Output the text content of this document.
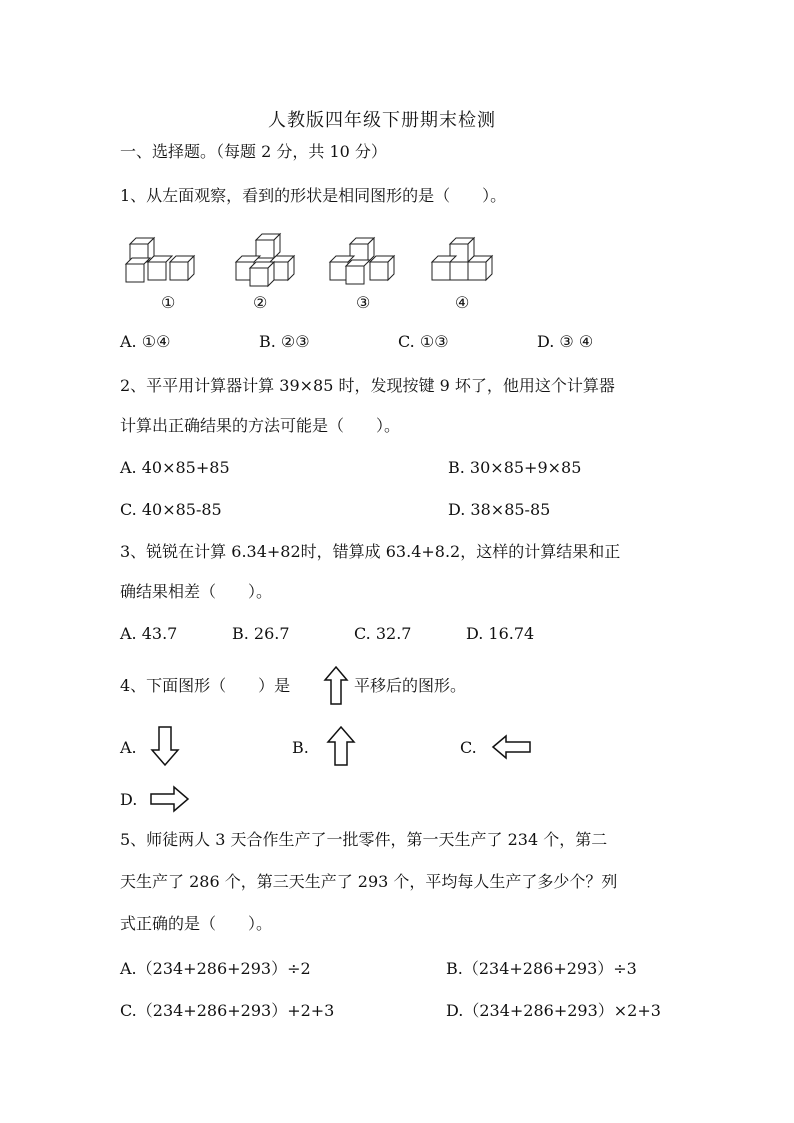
人教版四年级下册期末检测
一、选择题。（每题 2 分，共 10 分）
1、从左面观察，看到的形状是相同图形的是（　　）。
①	②	③	④
A. ①④	B. ②③	C. ①③	D. ③ ④
2、平平用计算器计算 39×85 时，发现按键 9 坏了，他用这个计算器
计算出正确结果的方法可能是（　　）。
A. 40×85+85	B. 30×85+9×85
C. 40×85-85	D. 38×85-85
3、锐锐在计算 6.34+82时，错算成 63.4+8.2，这样的计算结果和正
确结果相差（　　）。
A. 43.7	B. 26.7	C. 32.7	D. 16.74
4、下面图形（　　）是	平移后的图形。
A.	B.	C.
D.
5、师徒两人 3 天合作生产了一批零件，第一天生产了 234 个，第二
天生产了 286 个，第三天生产了 293 个，平均每人生产了多少个？列
式正确的是（　　）。
A.（234+286+293）÷2	B.（234+286+293）÷3
C.（234+286+293）+2+3	D.（234+286+293）×2+3
